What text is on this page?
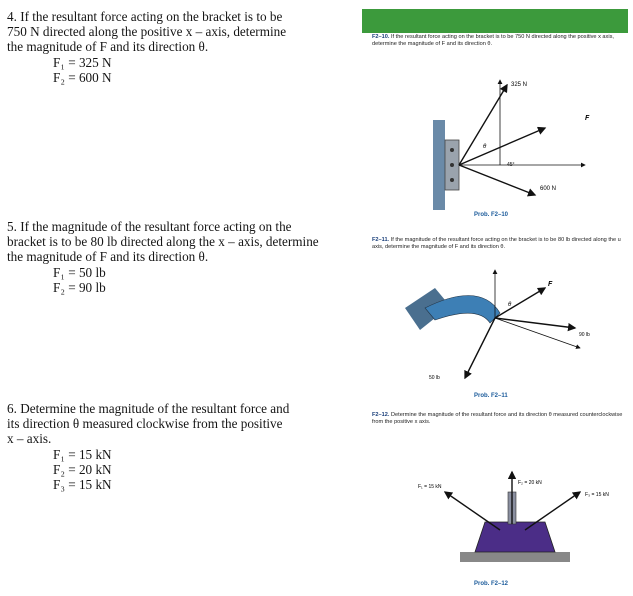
4. If the resultant force acting on the bracket is to be
750 N directed along the positive x – axis, determine
the magnitude of F and its direction θ.
F₁ = 325 N
F₂ = 600 N
5. If the magnitude of the resultant force acting on the
bracket is to be 80 lb directed along the x – axis, determine
the magnitude of F and its direction θ.
F₁ = 50 lb
F₂ = 90 lb
6. Determine the magnitude of the resultant force and
its direction θ measured clockwise from the positive
x – axis.
F₁ = 15 kN
F₂ = 20 kN
F₃ = 15 kN
F2–10. If the resultant force acting on the bracket is to be 750 N directed along the positive x axis, determine the magnitude of F and its direction θ.
F2–11. If the magnitude of the resultant force acting on the bracket is to be 80 lb directed along the u axis, determine the magnitude of F and its direction θ.
F2–12. Determine the magnitude of the resultant force and its direction θ measured counterclockwise from the positive x axis.
325 N
F
θ
45°
600 N
F
θ
90 lb
50 lb
F₁ = 15 kN
F₂ = 20 kN
F₃ = 15 kN
Prob. F2–10
Prob. F2–11
Prob. F2–12
